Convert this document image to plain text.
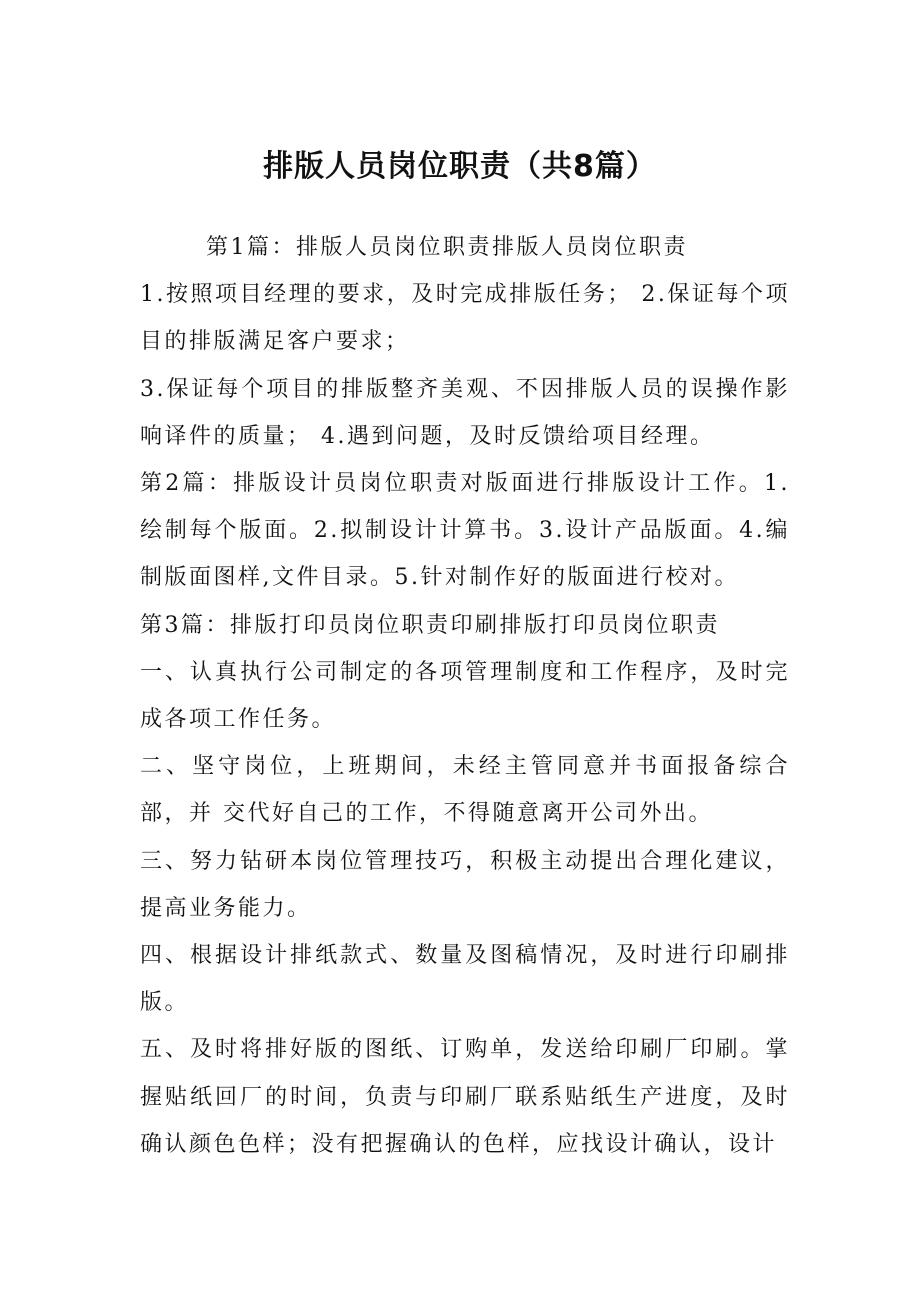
排版人员岗位职责（共8篇）

第1篇：排版人员岗位职责排版人员岗位职责

1.按照项目经理的要求，及时完成排版任务； 2.保证每个项目的排版满足客户要求；

3.保证每个项目的排版整齐美观、不因排版人员的误操作影响译件的质量； 4.遇到问题，及时反馈给项目经理。

第2篇：排版设计员岗位职责对版面进行排版设计工作。1.绘制每个版面。2.拟制设计计算书。3.设计产品版面。4.编制版面图样,文件目录。5.针对制作好的版面进行校对。

第3篇：排版打印员岗位职责印刷排版打印员岗位职责

一、认真执行公司制定的各项管理制度和工作程序，及时完成各项工作任务。

二、坚守岗位，上班期间，未经主管同意并书面报备综合部，并 交代好自己的工作，不得随意离开公司外出。

三、努力钻研本岗位管理技巧，积极主动提出合理化建议，提高业务能力。

四、根据设计排纸款式、数量及图稿情况，及时进行印刷排版。

五、及时将排好版的图纸、订购单，发送给印刷厂印刷。掌握贴纸回厂的时间，负责与印刷厂联系贴纸生产进度，及时确认颜色色样；没有把握确认的色样，应找设计确认，设计
